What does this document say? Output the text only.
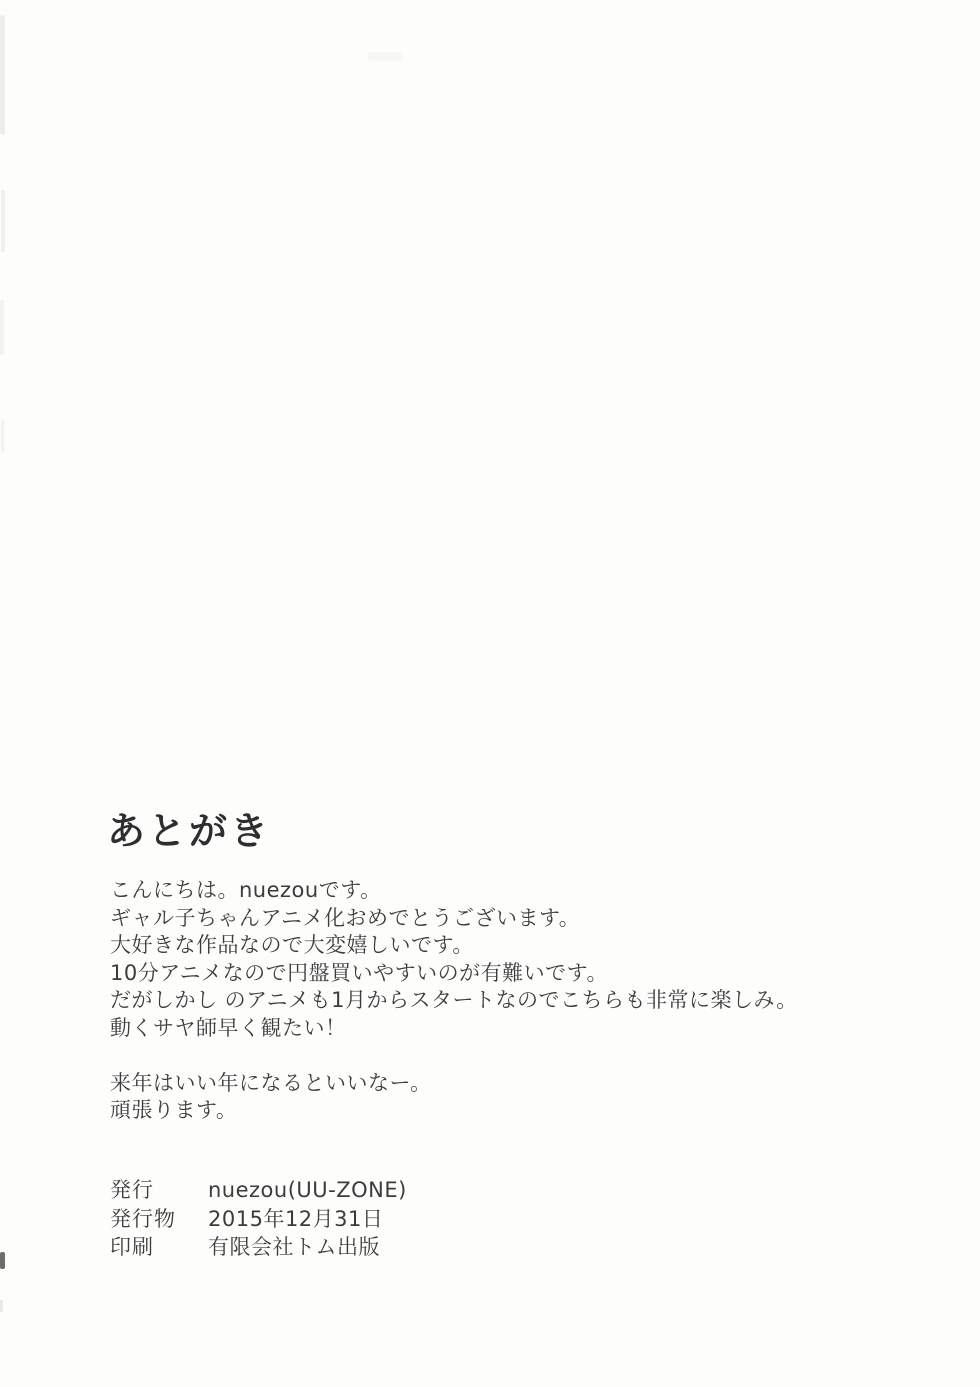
あとがき
こんにちは。nuezouです。
ギャル子ちゃんアニメ化おめでとうございます。
大好きな作品なので大変嬉しいです。
10分アニメなので円盤買いやすいのが有難いです。
だがしかし のアニメも1月からスタートなのでこちらも非常に楽しみ。
動くサヤ師早く観たい！
来年はいい年になるといいなー。
頑張ります。
発行	nuezou(UU-ZONE)
発行物	2015年12月31日
印刷	有限会社トム出版
